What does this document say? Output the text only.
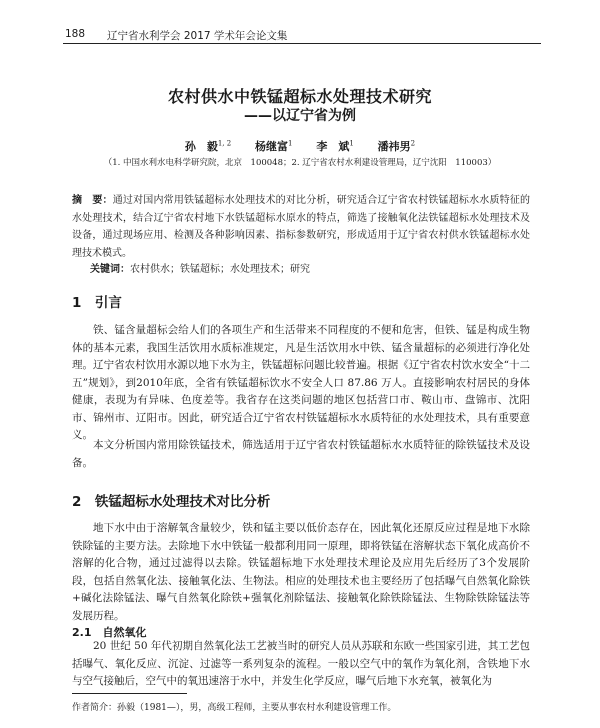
188 辽宁省水利学会 2017 学术年会论文集
农村供水中铁锰超标水处理技术研究
——以辽宁省为例
孙　毅$^{1, 2}$ 杨继富$^1$ 李　斌$^1$ 潘祎男$^2$
（1. 中国水利水电科学研究院，北京　100048；2. 辽宁省农村水利建设管理局，辽宁沈阳　110003）
摘　要：通过对国内常用铁锰超标水处理技术的对比分析，研究适合辽宁省农村铁锰超标水水质特征的水处理技术，结合辽宁省农村地下水铁锰超标水原水的特点，筛选了接触氧化法铁锰超标水处理技术及设备，通过现场应用、检测及各种影响因素、指标参数研究，形成适用于辽宁省农村供水铁锰超标水处理技术模式。
关键词：农村供水；铁锰超标；水处理技术；研究
1　引言
铁、锰含量超标会给人们的各项生产和生活带来不同程度的不便和危害，但铁、锰是构成生物体的基本元素，我国生活饮用水质标准规定，凡是生活饮用水中铁、锰含量超标的必须进行净化处理。辽宁省农村饮用水源以地下水为主，铁锰超标问题比较普遍。根据《辽宁省农村饮水安全“十二五”规划》，到2010年底，全省有铁锰超标饮水不安全人口 87.86 万人。直接影响农村居民的身体健康，表现为有异味、色度差等。我省存在这类问题的地区包括营口市、鞍山市、盘锦市、沈阳市、锦州市、辽阳市。因此，研究适合辽宁省农村铁锰超标水水质特征的水处理技术，具有重要意义。
本文分析国内常用除铁锰技术，筛选适用于辽宁省农村铁锰超标水水质特征的除铁锰技术及设备。
2　铁锰超标水处理技术对比分析
地下水中由于溶解氧含量较少，铁和锰主要以低价态存在，因此氧化还原反应过程是地下水除铁除锰的主要方法。去除地下水中铁锰一般都利用同一原理，即将铁锰在溶解状态下氧化成高价不溶解的化合物，通过过滤得以去除。铁锰超标地下水处理技术理论及应用先后经历了3个发展阶段，包括自然氧化法、接触氧化法、生物法。相应的处理技术也主要经历了包括曝气自然氧化除铁+碱化法除锰法、曝气自然氧化除铁+强氧化剂除锰法、接触氧化除铁除锰法、生物除铁除锰法等发展历程。
2.1　自然氧化
20 世纪 50 年代初期自然氧化法工艺被当时的研究人员从苏联和东欧一些国家引进，其工艺包括曝气、氧化反应、沉淀、过滤等一系列复杂的流程。一般以空气中的氧作为氧化剂，含铁地下水与空气接触后，空气中的氧迅速溶于水中，并发生化学反应，曝气后地下水充氧，被氧化为
作者简介：孙毅（1981—），男，高级工程师，主要从事农村水利建设管理工作。
